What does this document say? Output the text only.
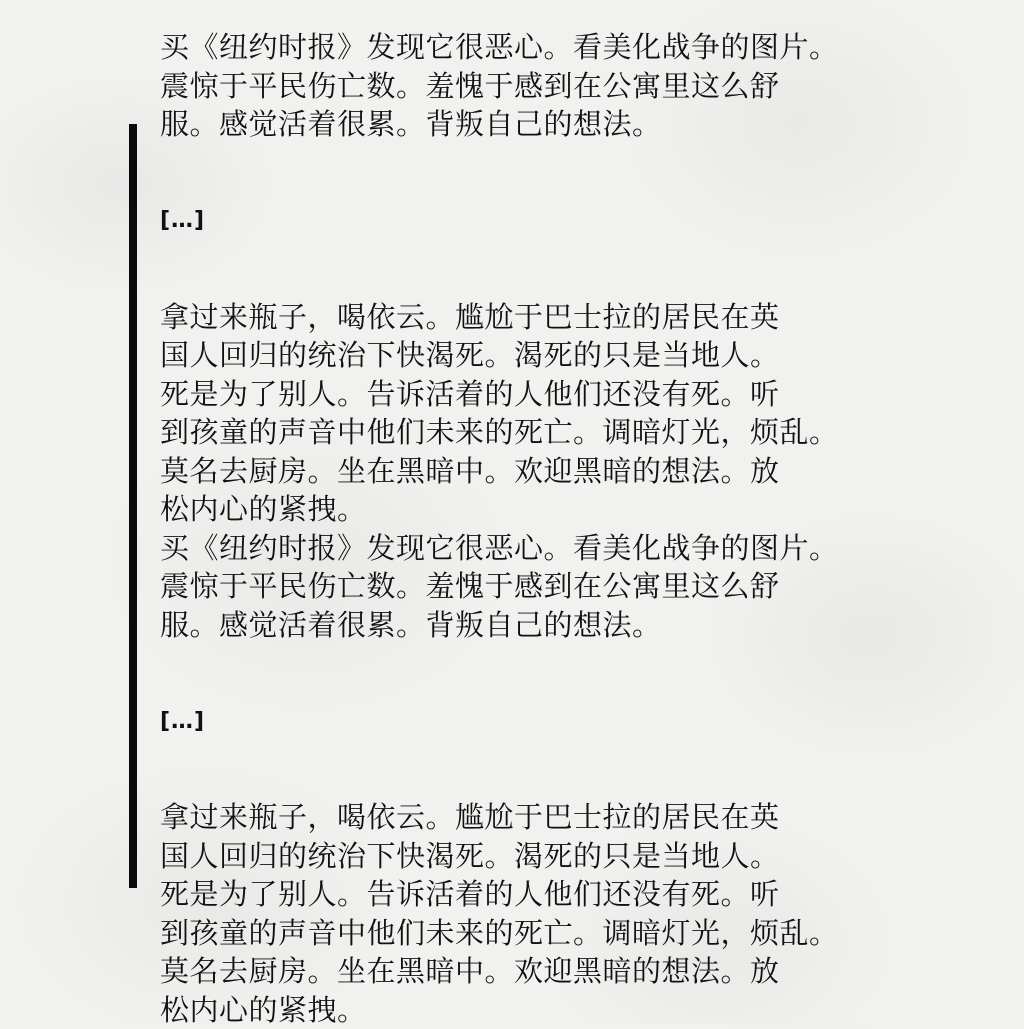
买《纽约时报》发现它很恶心。看美化战争的图片。
震惊于平民伤亡数。羞愧于感到在公寓里这么舒
服。感觉活着很累。背叛自己的想法。
[…]
拿过来瓶子，喝依云。尴尬于巴士拉的居民在英
国人回归的统治下快渴死。渴死的只是当地人。
死是为了别人。告诉活着的人他们还没有死。听
到孩童的声音中他们未来的死亡。调暗灯光，烦乱。
莫名去厨房。坐在黑暗中。欢迎黑暗的想法。放
松内心的紧拽。
买《纽约时报》发现它很恶心。看美化战争的图片。
震惊于平民伤亡数。羞愧于感到在公寓里这么舒
服。感觉活着很累。背叛自己的想法。
[…]
拿过来瓶子，喝依云。尴尬于巴士拉的居民在英
国人回归的统治下快渴死。渴死的只是当地人。
死是为了别人。告诉活着的人他们还没有死。听
到孩童的声音中他们未来的死亡。调暗灯光，烦乱。
莫名去厨房。坐在黑暗中。欢迎黑暗的想法。放
松内心的紧拽。
